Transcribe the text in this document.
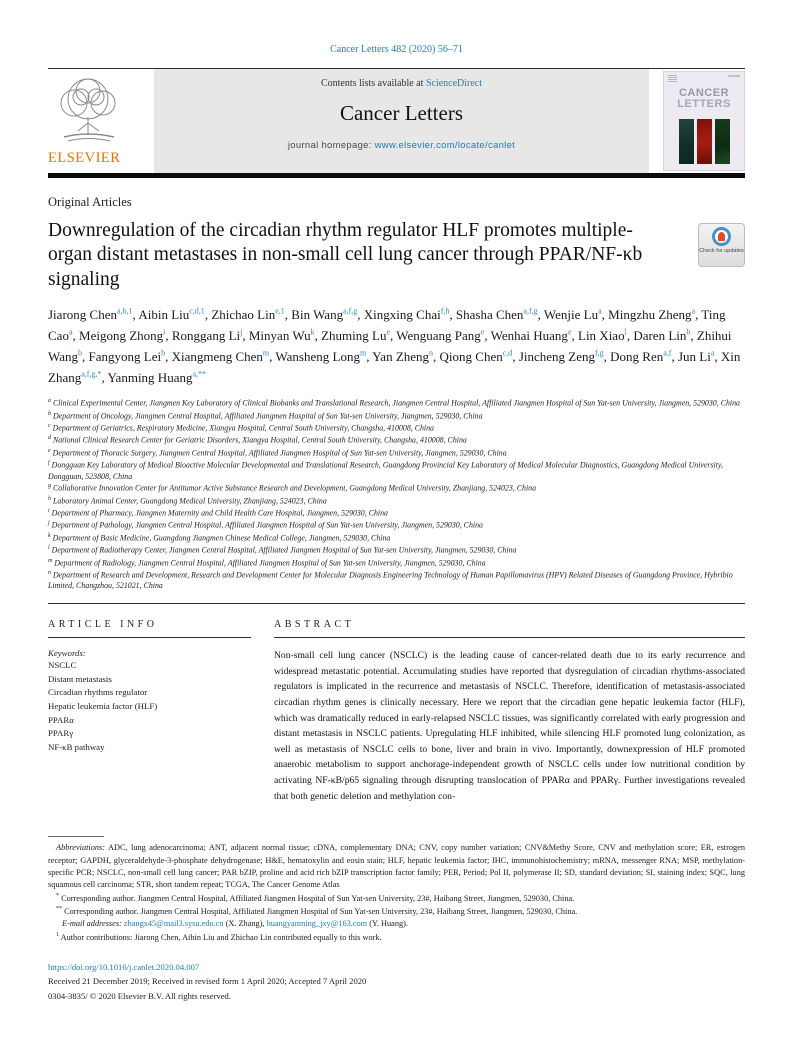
Cancer Letters 482 (2020) 56–71
ELSEVIER
Contents lists available at ScienceDirect
Cancer Letters
journal homepage: www.elsevier.com/locate/canlet
CANCER
LETTERS
Original Articles
Downregulation of the circadian rhythm regulator HLF promotes multiple-organ distant metastases in non-small cell lung cancer through PPAR/NF-κb signaling
Check for updates

Jiarong Chen$^{a,b,1}$, Aibin Liu$^{c,d,1}$, Zhichao Lin$^{e,1}$, Bin Wang$^{a,f,g}$, Xingxing Chai$^{f,h}$, Shasha Chen$^{a,f,g}$, Wenjie Lu$^a$, Mingzhu Zheng$^a$, Ting Cao$^a$, Meigong Zhong$^i$, Ronggang Li$^j$, Minyan Wu$^k$, Zhuming Lu$^e$, Wenguang Pang$^e$, Wenhai Huang$^e$, Lin Xiao$^l$, Daren Lin$^b$, Zhihui Wang$^b$, Fangyong Lei$^b$, Xiangmeng Chen$^m$, Wansheng Long$^m$, Yan Zheng$^n$, Qiong Chen$^{c,d}$, Jincheng Zeng$^{f,g}$, Dong Ren$^{a,f}$, Jun Li$^a$, Xin Zhang$^{a,f,g,*}$, Yanming Huang$^{a,**}$

$^a$ Clinical Experimental Center, Jiangmen Key Laboratory of Clinical Biobanks and Translational Research, Jiangmen Central Hospital, Affiliated Jiangmen Hospital of Sun Yat-sen University, Jiangmen, 529030, China
$^b$ Department of Oncology, Jiangmen Central Hospital, Affiliated Jiangmen Hospital of Sun Yat-sen University, Jiangmen, 529030, China
$^c$ Department of Geriatrics, Respiratory Medicine, Xiangya Hospital, Central South University, Changsha, 410008, China
$^d$ National Clinical Research Center for Geriatric Disorders, Xiangya Hospital, Central South University, Changsha, 410008, China
$^e$ Department of Thoracic Surgery, Jiangmen Central Hospital, Affiliated Jiangmen Hospital of Sun Yat-sen University, Jiangmen, 529030, China
$^f$ Dongguan Key Laboratory of Medical Bioactive Molecular Developmental and Translational Research, Guangdong Provincial Key Laboratory of Medical Molecular Diagnostics, Guangdong Medical University, Dongguan, 523808, China
$^g$ Collaborative Innovation Center for Antitumor Active Substance Research and Development, Guangdong Medical University, Zhanjiang, 524023, China
$^h$ Laboratory Animal Center, Guangdong Medical University, Zhanjiang, 524023, China
$^i$ Department of Pharmacy, Jiangmen Maternity and Child Health Care Hospital, Jiangmen, 529030, China
$^j$ Department of Pathology, Jiangmen Central Hospital, Affiliated Jiangmen Hospital of Sun Yat-sen University, Jiangmen, 529030, China
$^k$ Department of Basic Medicine, Guangdong Jiangmen Chinese Medical College, Jiangmen, 529030, China
$^l$ Department of Radiotherapy Center, Jiangmen Central Hospital, Affiliated Jiangmen Hospital of Sun Yat-sen University, Jiangmen, 529030, China
$^m$ Department of Radiology, Jiangmen Central Hospital, Affiliated Jiangmen Hospital of Sun Yat-sen University, Jiangmen, 529030, China
$^n$ Department of Research and Development, Research and Development Center for Molecular Diagnosis Engineering Technology of Human Papillomavirus (HPV) Related Diseases of Guangdong Province, Hybribio Limited, Changzhou, 521021, China
ARTICLE INFO
Keywords:
NSCLC
Distant metastasis
Circadian rhythms regulator
Hepatic leukemia factor (HLF)
PPARα
PPARγ
NF-κB pathway
ABSTRACT
Non-small cell lung cancer (NSCLC) is the leading cause of cancer-related death due to its early recurrence and widespread metastatic potential. Accumulating studies have reported that dysregulation of circadian rhythms-associated regulators is implicated in the recurrence and metastasis of NSCLC. Therefore, identification of metastasis-associated circadian rhythm genes is clinically necessary. Here we report that the circadian gene hepatic leukemia factor (HLF), which was dramatically reduced in early-relapsed NSCLC tissues, was significantly correlated with early progression and distant metastasis in NSCLC patients. Upregulating HLF inhibited, while silencing HLF promoted lung colonization, as well as metastasis of NSCLC cells to bone, liver and brain in vivo. Importantly, downexpression of HLF promoted anaerobic metabolism to support anchorage-independent growth of NSCLC cells under low nutritional condition by activating NF-κB/p65 signaling through disrupting translocation of PPARα and PPARγ. Further investigations revealed that both genetic deletion and methylation con-
Abbreviations: ADC, lung adenocarcinoma; ANT, adjacent normal tissue; cDNA, complementary DNA; CNV, copy number variation; CNV&Methy Score, CNV and methylation score; ER, estrogen receptor; GAPDH, glyceraldehyde-3-phosphate dehydrogenase; H&E, hematoxylin and eosin stain; HLF, hepatic leukemia factor; IHC, immunohistochemistry; mRNA, messenger RNA; MSP, methylation-specific PCR; NSCLC, non-small cell lung cancer; PAR bZIP, proline and acid rich bZIP transcription factor family; PER, Period; Pol II, polymerase II; SD, standard deviation; SI, staining index; SQC, lung squamous cell carcinoma; STR, short tandem repeat; TCGA, The Cancer Genome Atlas
* Corresponding author. Jiangmen Central Hospital, Affiliated Jiangmen Hospital of Sun Yat-sen University, 23#, Haibang Street, Jiangmen, 529030, China.
** Corresponding author. Jiangmen Central Hospital, Affiliated Jiangmen Hospital of Sun Yat-sen University, 23#, Haibang Street, Jiangmen, 529030, China.
E-mail addresses: zhangx45@mail3.sysu.edu.cn (X. Zhang), huangyanming_jxy@163.com (Y. Huang).
$^1$ Author contributions: Jiarong Chen, Aibin Liu and Zhichao Lin contributed equally to this work.
https://doi.org/10.1016/j.canlet.2020.04.007
Received 21 December 2019; Received in revised form 1 April 2020; Accepted 7 April 2020
0304-3835/ © 2020 Elsevier B.V. All rights reserved.
